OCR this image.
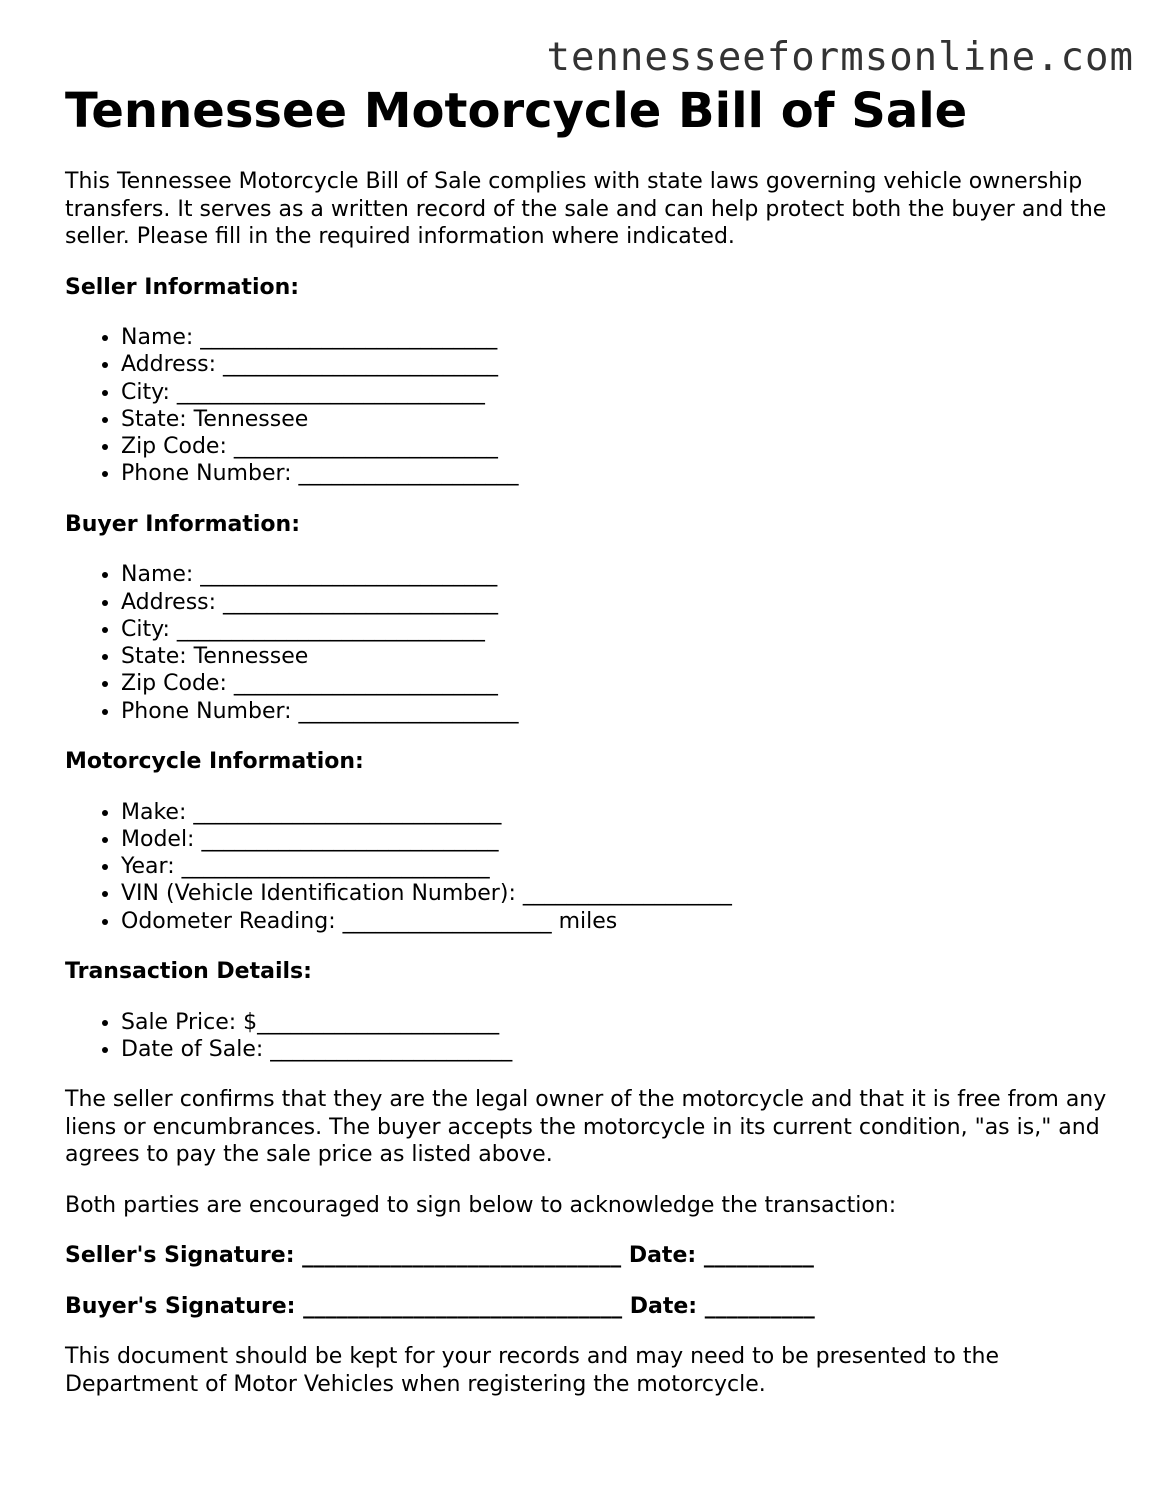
tennesseeformsonline.com
Tennessee Motorcycle Bill of Sale

This Tennessee Motorcycle Bill of Sale complies with state laws governing vehicle ownership transfers. It serves as a written record of the sale and can help protect both the buyer and the seller. Please fill in the required information where indicated.

Seller Information:

• Name: ___________________________
• Address: _________________________
• City: ____________________________
• State: Tennessee
• Zip Code: ________________________
• Phone Number: ____________________

Buyer Information:

• Name: ___________________________
• Address: _________________________
• City: ____________________________
• State: Tennessee
• Zip Code: ________________________
• Phone Number: ____________________

Motorcycle Information:

• Make: ____________________________
• Model: ___________________________
• Year: ____________________________
• VIN (Vehicle Identification Number): ___________________
• Odometer Reading: ___________________ miles

Transaction Details:

• Sale Price: $______________________
• Date of Sale: ______________________

The seller confirms that they are the legal owner of the motorcycle and that it is free from any liens or encumbrances. The buyer accepts the motorcycle in its current condition, "as is," and agrees to pay the sale price as listed above.

Both parties are encouraged to sign below to acknowledge the transaction:

Seller's Signature: _____________________________ Date: __________

Buyer's Signature: _____________________________ Date: __________

This document should be kept for your records and may need to be presented to the Department of Motor Vehicles when registering the motorcycle.
